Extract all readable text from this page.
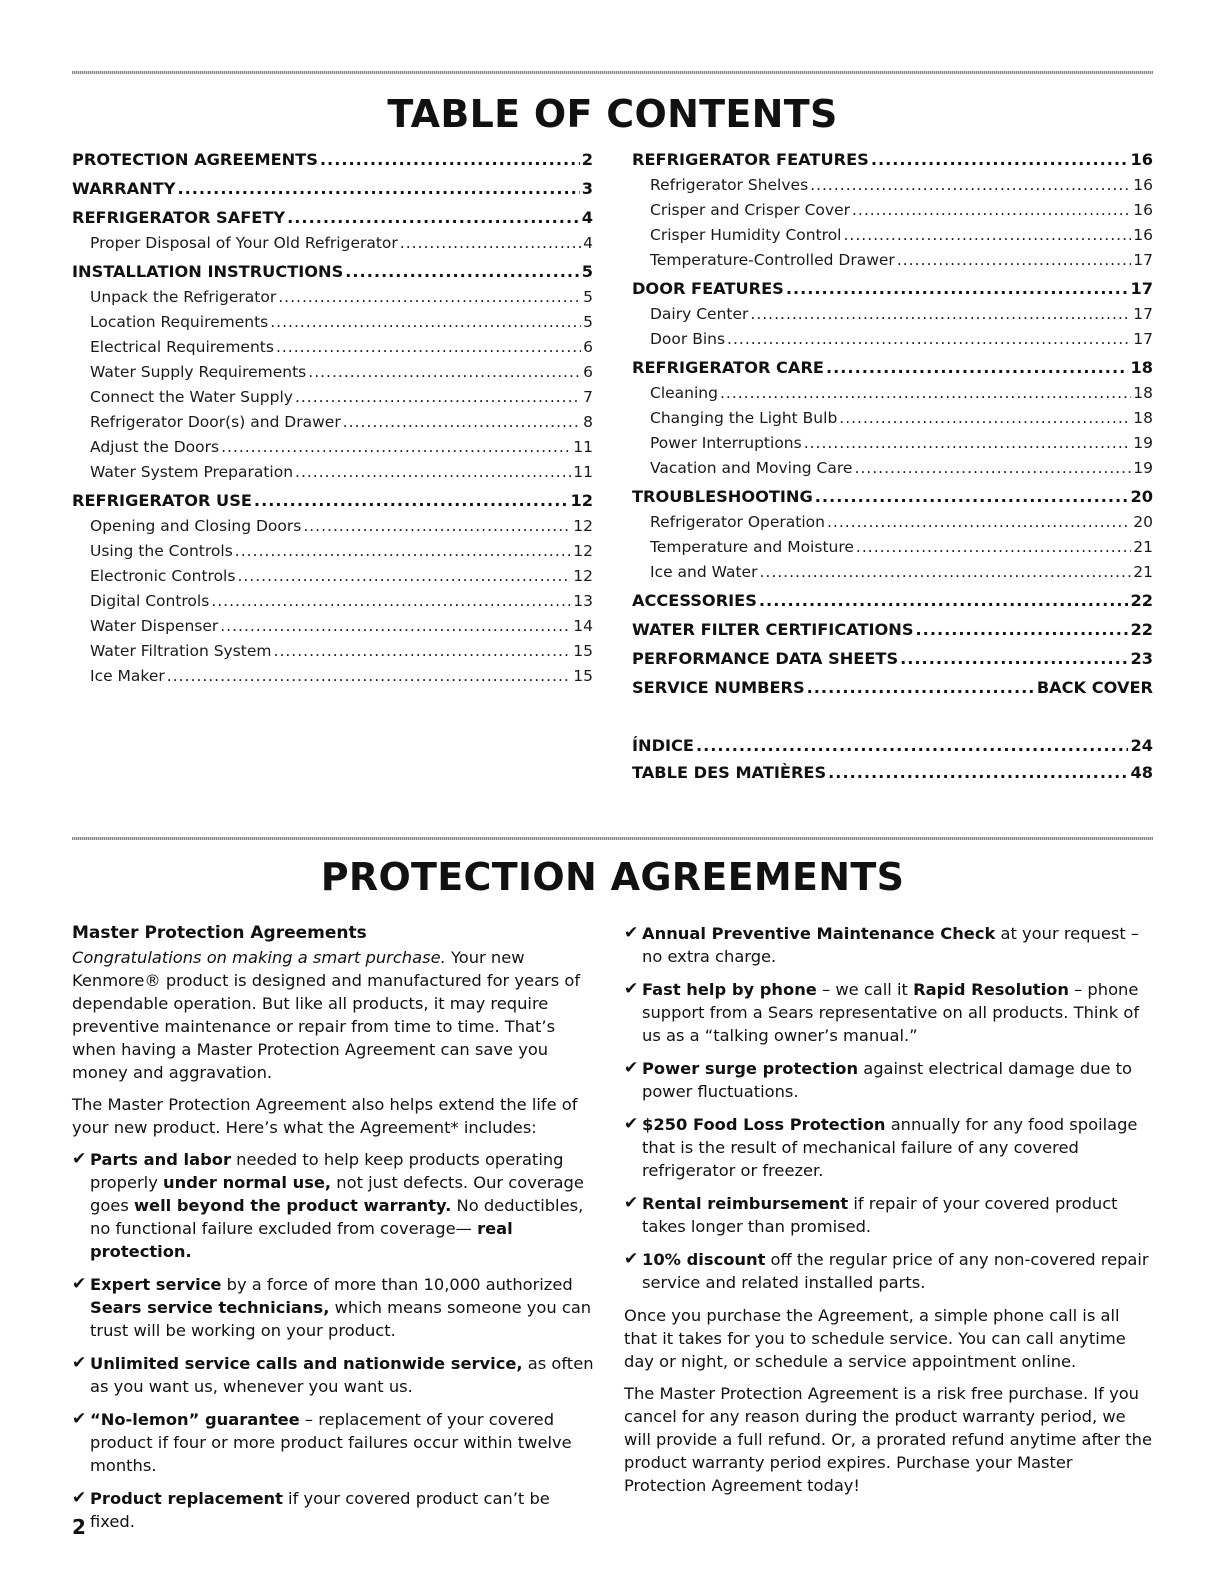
TABLE OF CONTENTS
PROTECTION AGREEMENTS .....	2
WARRANTY .....	3
REFRIGERATOR SAFETY .....	4
Proper Disposal of Your Old Refrigerator .....	4
INSTALLATION INSTRUCTIONS .....	5
Unpack the Refrigerator .....	5
Location Requirements .....	5
Electrical Requirements .....	6
Water Supply Requirements .....	6
Connect the Water Supply .....	7
Refrigerator Door(s) and Drawer .....	8
Adjust the Doors .....	11
Water System Preparation .....	11
REFRIGERATOR USE .....	12
Opening and Closing Doors .....	12
Using the Controls .....	12
Electronic Controls .....	12
Digital Controls .....	13
Water Dispenser .....	14
Water Filtration System .....	15
Ice Maker .....	15
REFRIGERATOR FEATURES .....	16
Refrigerator Shelves .....	16
Crisper and Crisper Cover .....	16
Crisper Humidity Control .....	16
Temperature-Controlled Drawer .....	17
DOOR FEATURES .....	17
Dairy Center .....	17
Door Bins .....	17
REFRIGERATOR CARE .....	18
Cleaning .....	18
Changing the Light Bulb .....	18
Power Interruptions .....	19
Vacation and Moving Care .....	19
TROUBLESHOOTING .....	20
Refrigerator Operation .....	20
Temperature and Moisture .....	21
Ice and Water .....	21
ACCESSORIES .....	22
WATER FILTER CERTIFICATIONS .....	22
PERFORMANCE DATA SHEETS .....	23
SERVICE NUMBERS .....	BACK COVER
ÍNDICE .....	24
TABLE DES MATIÈRES .....	48
PROTECTION AGREEMENTS

Master Protection Agreements

Congratulations on making a smart purchase. Your new Kenmore® product is designed and manufactured for years of dependable operation. But like all products, it may require preventive maintenance or repair from time to time. That’s when having a Master Protection Agreement can save you money and aggravation.

The Master Protection Agreement also helps extend the life of your new product. Here’s what the Agreement* includes:

✔ Parts and labor needed to help keep products operating properly under normal use, not just defects. Our coverage goes well beyond the product warranty. No deductibles, no functional failure excluded from coverage— real protection.

✔ Expert service by a force of more than 10,000 authorized Sears service technicians, which means someone you can trust will be working on your product.

✔ Unlimited service calls and nationwide service, as often as you want us, whenever you want us.

✔ “No-lemon” guarantee – replacement of your covered product if four or more product failures occur within twelve months.

✔ Product replacement if your covered product can’t be fixed.

✔ Annual Preventive Maintenance Check at your request – no extra charge.

✔ Fast help by phone – we call it Rapid Resolution – phone support from a Sears representative on all products. Think of us as a “talking owner’s manual.”

✔ Power surge protection against electrical damage due to power fluctuations.

✔ $250 Food Loss Protection annually for any food spoilage that is the result of mechanical failure of any covered refrigerator or freezer.

✔ Rental reimbursement if repair of your covered product takes longer than promised.

✔ 10% discount off the regular price of any non-covered repair service and related installed parts.

Once you purchase the Agreement, a simple phone call is all that it takes for you to schedule service. You can call anytime day or night, or schedule a service appointment online.

The Master Protection Agreement is a risk free purchase. If you cancel for any reason during the product warranty period, we will provide a full refund. Or, a prorated refund anytime after the product warranty period expires. Purchase your Master Protection Agreement today!

2
